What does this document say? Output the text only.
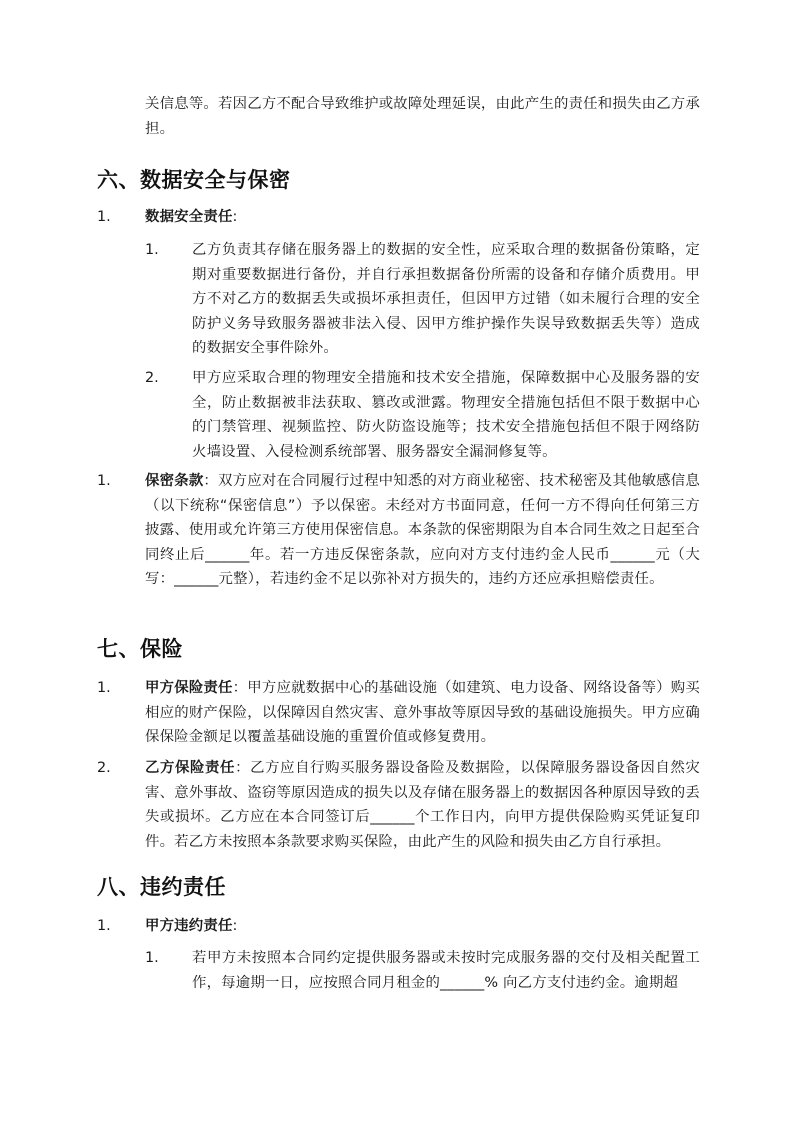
关信息等。若因乙方不配合导致维护或故障处理延误，由此产生的责任和损失由乙方承担。

六、数据安全与保密
1. 数据安全责任:

1. 乙方负责其存储在服务器上的数据的安全性，应采取合理的数据备份策略，定期对重要数据进行备份，并自行承担数据备份所需的设备和存储介质费用。甲方不对乙方的数据丢失或损坏承担责任，但因甲方过错（如未履行合理的安全防护义务导致服务器被非法入侵、因甲方维护操作失误导致数据丢失等）造成的数据安全事件除外。

2. 甲方应采取合理的物理安全措施和技术安全措施，保障数据中心及服务器的安全，防止数据被非法获取、篡改或泄露。物理安全措施包括但不限于数据中心的门禁管理、视频监控、防火防盗设施等；技术安全措施包括但不限于网络防火墙设置、入侵检测系统部署、服务器安全漏洞修复等。

1. 保密条款：双方应对在合同履行过程中知悉的对方商业秘密、技术秘密及其他敏感信息（以下统称“保密信息”）予以保密。未经对方书面同意，任何一方不得向任何第三方披露、使用或允许第三方使用保密信息。本条款的保密期限为自本合同生效之日起至合同终止后______年。若一方违反保密条款，应向对方支付违约金人民币______元（大写：______元整），若违约金不足以弥补对方损失的，违约方还应承担赔偿责任。

七、保险
1. 甲方保险责任：甲方应就数据中心的基础设施（如建筑、电力设备、网络设备等）购买相应的财产保险，以保障因自然灾害、意外事故等原因导致的基础设施损失。甲方应确保保险金额足以覆盖基础设施的重置价值或修复费用。

2. 乙方保险责任：乙方应自行购买服务器设备险及数据险，以保障服务器设备因自然灾害、意外事故、盗窃等原因造成的损失以及存储在服务器上的数据因各种原因导致的丢失或损坏。乙方应在本合同签订后______个工作日内，向甲方提供保险购买凭证复印件。若乙方未按照本条款要求购买保险，由此产生的风险和损失由乙方自行承担。

八、违约责任
1. 甲方违约责任:

1. 若甲方未按照本合同约定提供服务器或未按时完成服务器的交付及相关配置工作，每逾期一日，应按照合同月租金的______% 向乙方支付违约金。逾期超
